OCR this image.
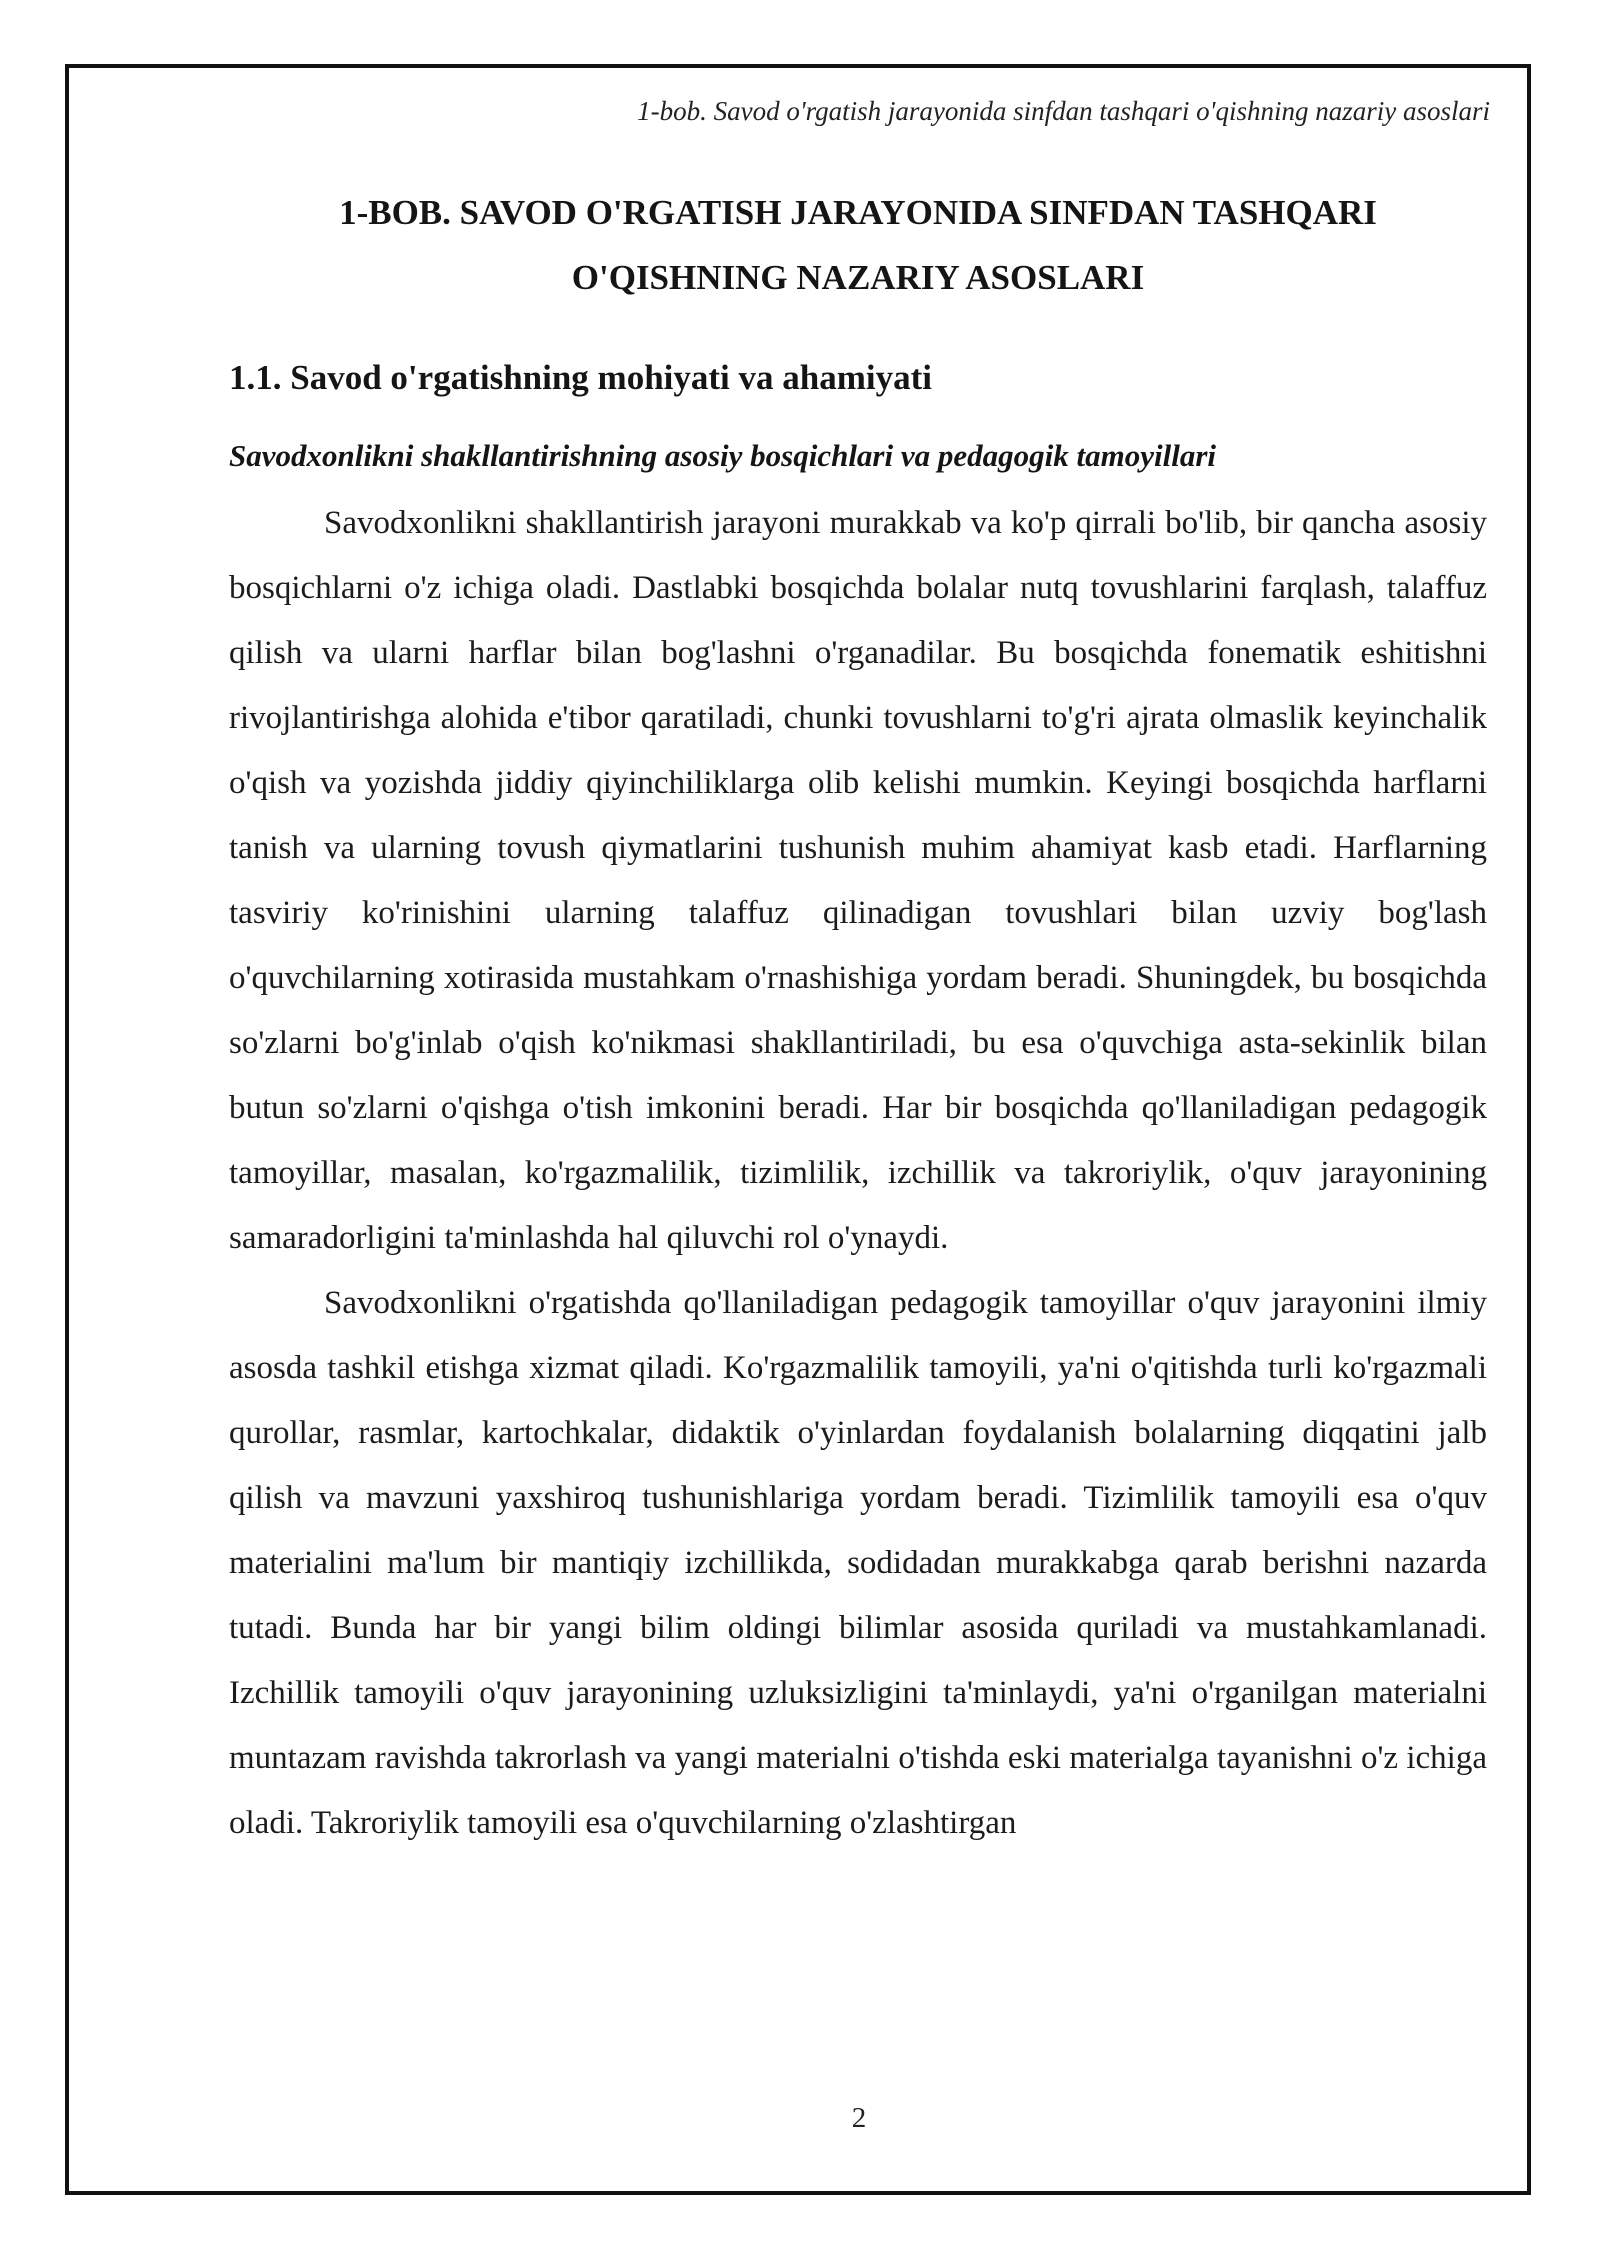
1-bob. Savod o'rgatish jarayonida sinfdan tashqari o'qishning nazariy asoslari
1-BOB. SAVOD O'RGATISH JARAYONIDA SINFDAN TASHQARI
O'QISHNING NAZARIY ASOSLARI
1.1. Savod o'rgatishning mohiyati va ahamiyati
Savodxonlikni shakllantirishning asosiy bosqichlari va pedagogik tamoyillari

Savodxonlikni shakllantirish jarayoni murakkab va ko'p qirrali bo'lib, bir qancha asosiy bosqichlarni o'z ichiga oladi. Dastlabki bosqichda bolalar nutq tovushlarini farqlash, talaffuz qilish va ularni harflar bilan bog'lashni o'rganadilar. Bu bosqichda fonematik eshitishni rivojlantirishga alohida e'tibor qaratiladi, chunki tovushlarni to'g'ri ajrata olmaslik keyinchalik o'qish va yozishda jiddiy qiyinchiliklarga olib kelishi mumkin. Keyingi bosqichda harflarni tanish va ularning tovush qiymatlarini tushunish muhim ahamiyat kasb etadi. Harflarning tasviriy ko'rinishini ularning talaffuz qilinadigan tovushlari bilan uzviy bog'lash o'quvchilarning xotirasida mustahkam o'rnashishiga yordam beradi. Shuningdek, bu bosqichda so'zlarni bo'g'inlab o'qish ko'nikmasi shakllantiriladi, bu esa o'quvchiga asta-sekinlik bilan butun so'zlarni o'qishga o'tish imkonini beradi. Har bir bosqichda qo'llaniladigan pedagogik tamoyillar, masalan, ko'rgazmalilik, tizimlilik, izchillik va takroriylik, o'quv jarayonining samaradorligini ta'minlashda hal qiluvchi rol o'ynaydi.

Savodxonlikni o'rgatishda qo'llaniladigan pedagogik tamoyillar o'quv jarayonini ilmiy asosda tashkil etishga xizmat qiladi. Ko'rgazmalilik tamoyili, ya'ni o'qitishda turli ko'rgazmali qurollar, rasmlar, kartochkalar, didaktik o'yinlardan foydalanish bolalarning diqqatini jalb qilish va mavzuni yaxshiroq tushunishlariga yordam beradi. Tizimlilik tamoyili esa o'quv materialini ma'lum bir mantiqiy izchillikda, sodidadan murakkabga qarab berishni nazarda tutadi. Bunda har bir yangi bilim oldingi bilimlar asosida quriladi va mustahkamlanadi. Izchillik tamoyili o'quv jarayonining uzluksizligini ta'minlaydi, ya'ni o'rganilgan materialni muntazam ravishda takrorlash va yangi materialni o'tishda eski materialga tayanishni o'z ichiga oladi. Takroriylik tamoyili esa o'quvchilarning o'zlashtirgan

2
